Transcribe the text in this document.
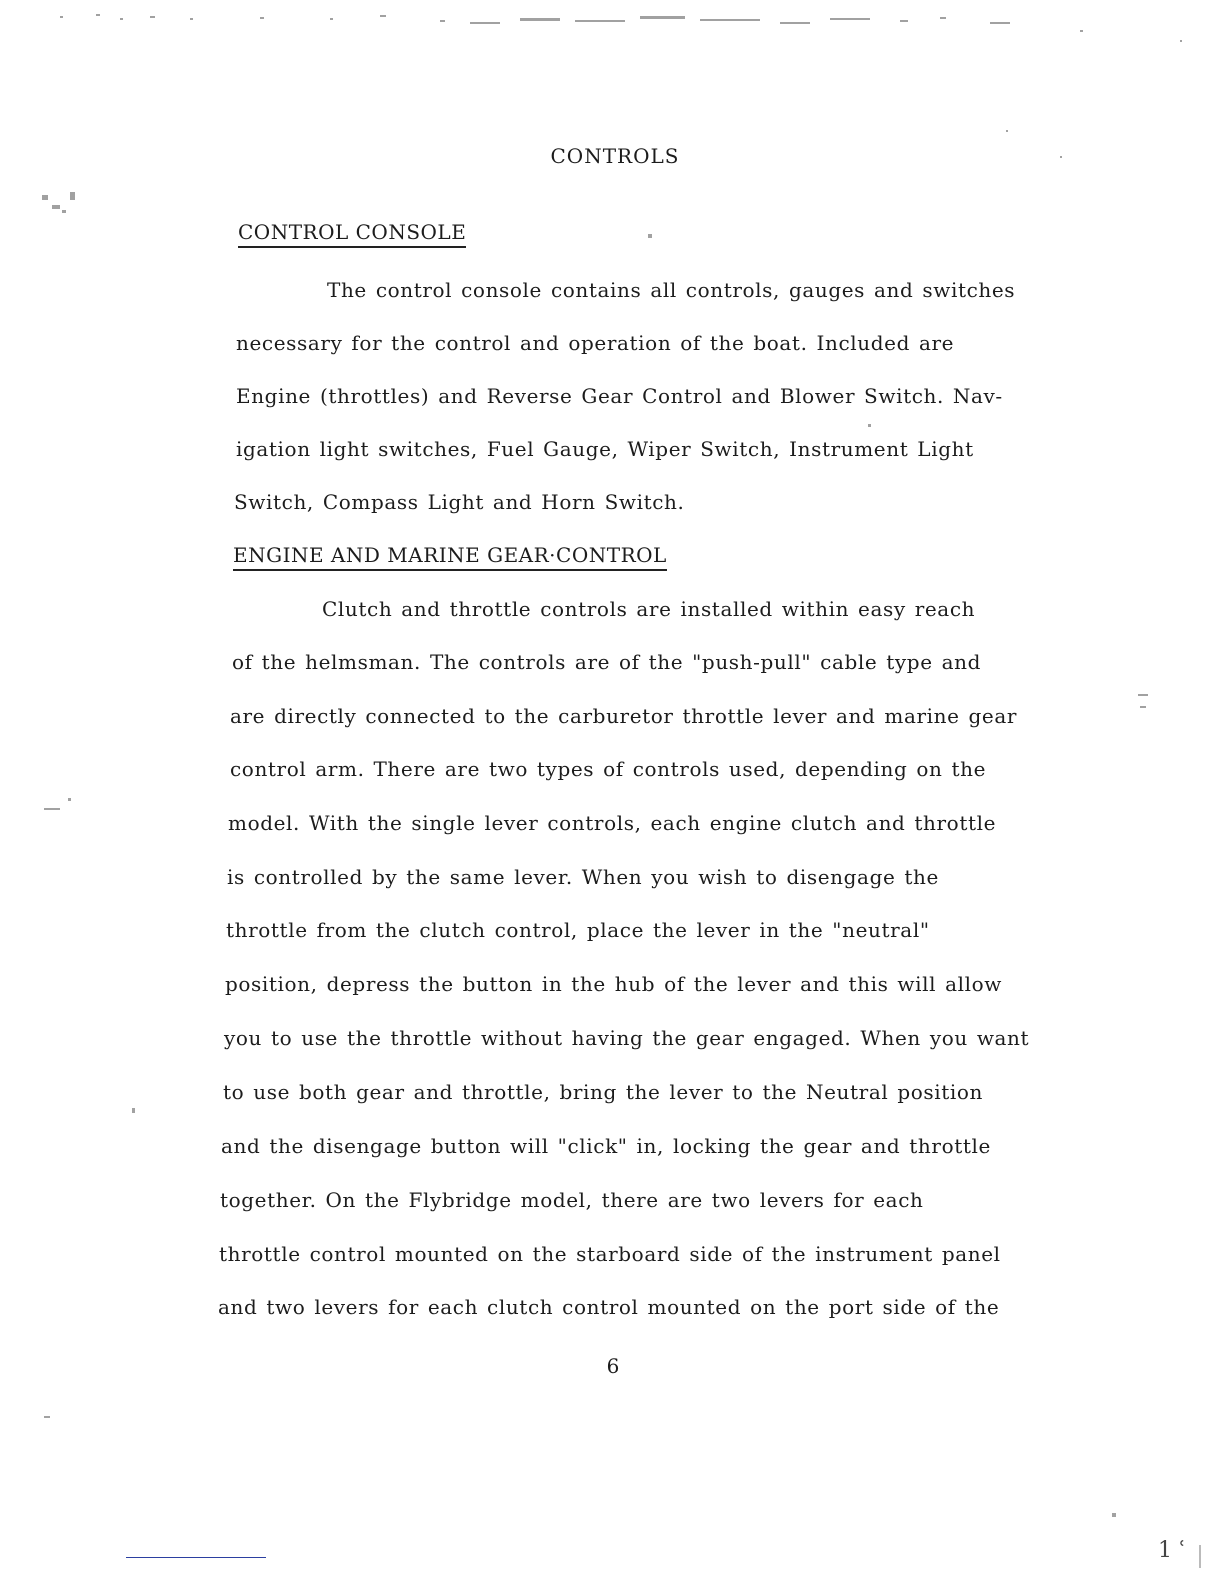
CONTROLS
CONTROL CONSOLE
The control console contains all controls, gauges and switches
necessary for the control and operation of the boat. Included are
Engine (throttles) and Reverse Gear Control and Blower Switch. Nav-
igation light switches, Fuel Gauge, Wiper Switch, Instrument Light
Switch, Compass Light and Horn Switch.
ENGINE AND MARINE GEAR·CONTROL
Clutch and throttle controls are installed within easy reach
of the helmsman. The controls are of the "push-pull" cable type and
are directly connected to the carburetor throttle lever and marine gear
control arm. There are two types of controls used, depending on the
model. With the single lever controls, each engine clutch and throttle
is controlled by the same lever. When you wish to disengage the
throttle from the clutch control, place the lever in the "neutral"
position, depress the button in the hub of the lever and this will allow
you to use the throttle without having the gear engaged. When you want
to use both gear and throttle, bring the lever to the Neutral position
and the disengage button will "click" in, locking the gear and throttle
together. On the Flybridge model, there are two levers for each
throttle control mounted on the starboard side of the instrument panel
and two levers for each clutch control mounted on the port side of the
6
1 ʿ
